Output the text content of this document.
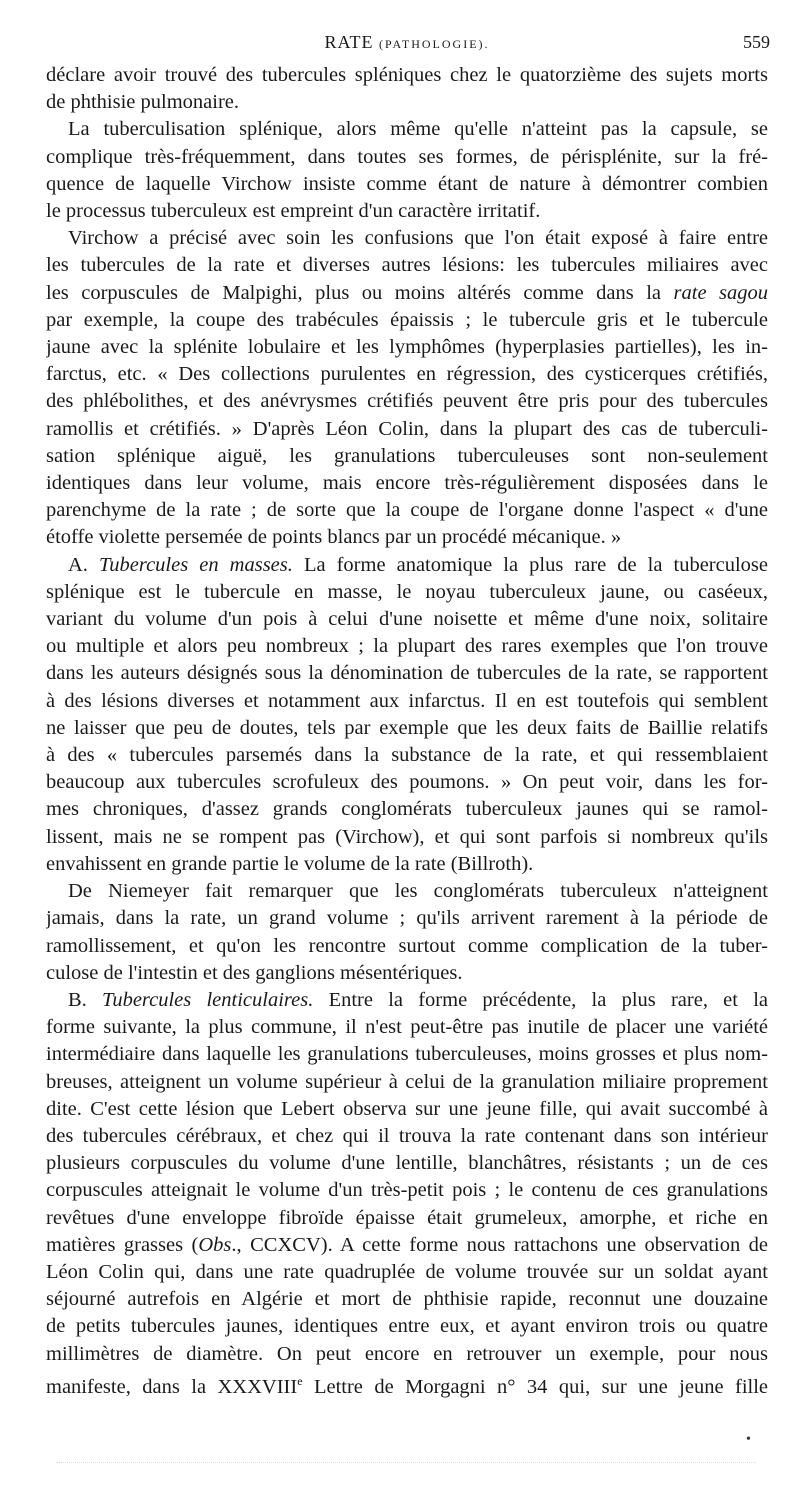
RATE (PATHOLOGIE).	559
déclare avoir trouvé des tubercules spléniques chez le quatorzième des sujets morts
de phthisie pulmonaire.
La tuberculisation splénique, alors même qu'elle n'atteint pas la capsule, se
complique très-fréquemment, dans toutes ses formes, de périsplénite, sur la fré-
quence de laquelle Virchow insiste comme étant de nature à démontrer combien
le processus tuberculeux est empreint d'un caractère irritatif.
Virchow a précisé avec soin les confusions que l'on était exposé à faire entre
les tubercules de la rate et diverses autres lésions: les tubercules miliaires avec
les corpuscules de Malpighi, plus ou moins altérés comme dans la rate sagou
par exemple, la coupe des trabécules épaissis ; le tubercule gris et le tubercule
jaune avec la splénite lobulaire et les lymphômes (hyperplasies partielles), les in-
farctus, etc. « Des collections purulentes en régression, des cysticerques crétifiés,
des phlébolithes, et des anévrysmes crétifiés peuvent être pris pour des tubercules
ramollis et crétifiés. » D'après Léon Colin, dans la plupart des cas de tuberculi-
sation splénique aiguë, les granulations tuberculeuses sont non-seulement
identiques dans leur volume, mais encore très-régulièrement disposées dans le
parenchyme de la rate ; de sorte que la coupe de l'organe donne l'aspect « d'une
étoffe violette persemée de points blancs par un procédé mécanique. »
A. Tubercules en masses. La forme anatomique la plus rare de la tuberculose
splénique est le tubercule en masse, le noyau tuberculeux jaune, ou caséeux,
variant du volume d'un pois à celui d'une noisette et même d'une noix, solitaire
ou multiple et alors peu nombreux ; la plupart des rares exemples que l'on trouve
dans les auteurs désignés sous la dénomination de tubercules de la rate, se rapportent
à des lésions diverses et notamment aux infarctus. Il en est toutefois qui semblent
ne laisser que peu de doutes, tels par exemple que les deux faits de Baillie relatifs
à des « tubercules parsemés dans la substance de la rate, et qui ressemblaient
beaucoup aux tubercules scrofuleux des poumons. » On peut voir, dans les for-
mes chroniques, d'assez grands conglomérats tuberculeux jaunes qui se ramol-
lissent, mais ne se rompent pas (Virchow), et qui sont parfois si nombreux qu'ils
envahissent en grande partie le volume de la rate (Billroth).
De Niemeyer fait remarquer que les conglomérats tuberculeux n'atteignent
jamais, dans la rate, un grand volume ; qu'ils arrivent rarement à la période de
ramollissement, et qu'on les rencontre surtout comme complication de la tuber-
culose de l'intestin et des ganglions mésentériques.
B. Tubercules lenticulaires. Entre la forme précédente, la plus rare, et la
forme suivante, la plus commune, il n'est peut-être pas inutile de placer une variété
intermédiaire dans laquelle les granulations tuberculeuses, moins grosses et plus nom-
breuses, atteignent un volume supérieur à celui de la granulation miliaire proprement
dite. C'est cette lésion que Lebert observa sur une jeune fille, qui avait succombé à
des tubercules cérébraux, et chez qui il trouva la rate contenant dans son intérieur
plusieurs corpuscules du volume d'une lentille, blanchâtres, résistants ; un de ces
corpuscules atteignait le volume d'un très-petit pois ; le contenu de ces granulations
revêtues d'une enveloppe fibroïde épaisse était grumeleux, amorphe, et riche en
matières grasses (Obs., CCXCV). A cette forme nous rattachons une observation de
Léon Colin qui, dans une rate quadruplée de volume trouvée sur un soldat ayant
séjourné autrefois en Algérie et mort de phthisie rapide, reconnut une douzaine
de petits tubercules jaunes, identiques entre eux, et ayant environ trois ou quatre
millimètres de diamètre. On peut encore en retrouver un exemple, pour nous
manifeste, dans la XXXVIIIe Lettre de Morgagni n° 34 qui, sur une jeune fille
•
